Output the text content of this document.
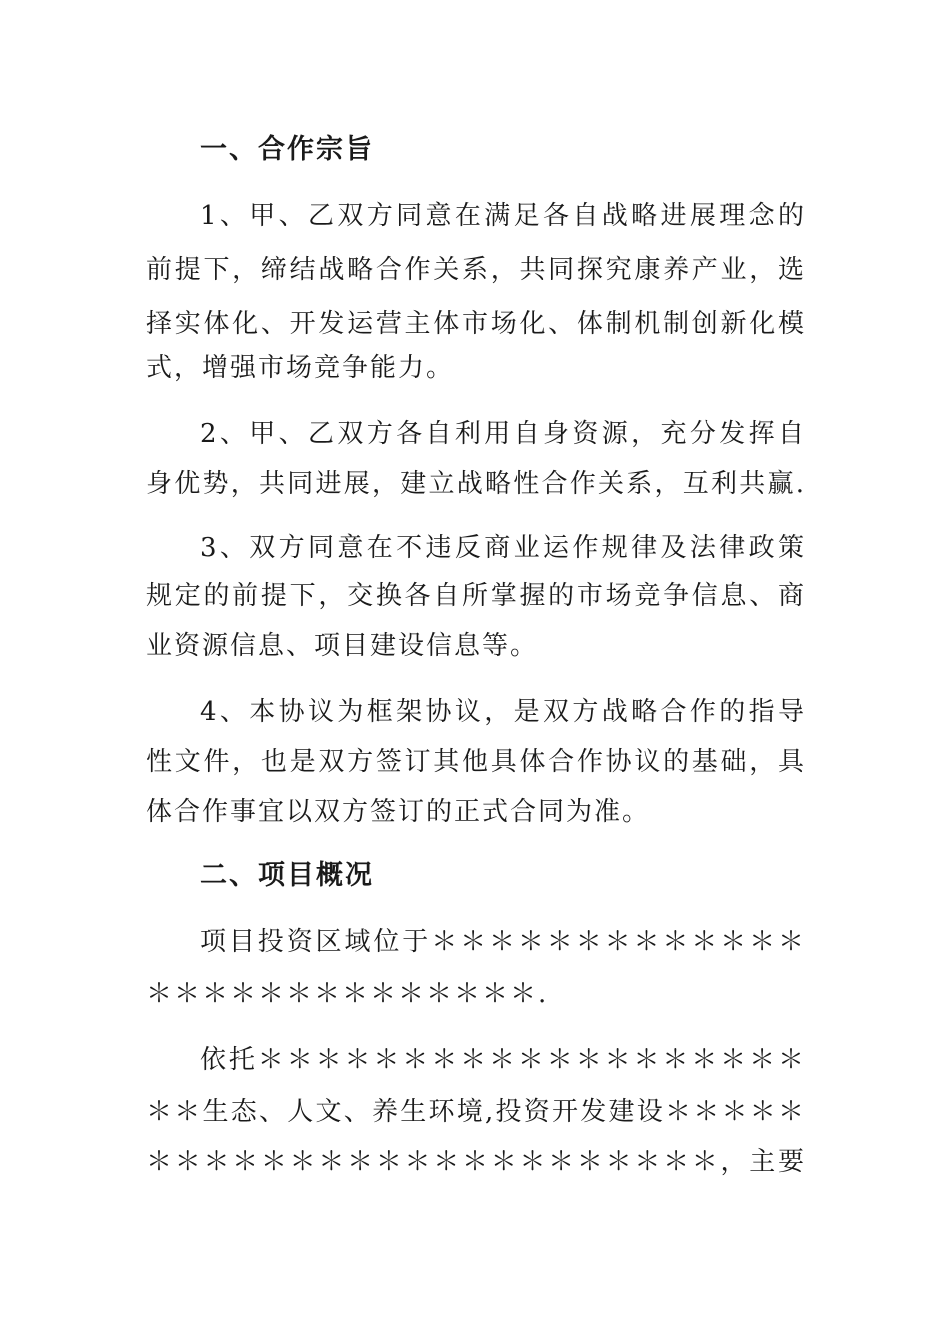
一、合作宗旨
1、甲、乙双方同意在满足各自战略进展理念的
前提下，缔结战略合作关系，共同探究康养产业，选
择实体化、开发运营主体市场化、体制机制创新化模
式，增强市场竞争能力。
2、甲、乙双方各自利用自身资源，充分发挥自
身优势，共同进展，建立战略性合作关系，互利共赢.
3、双方同意在不违反商业运作规律及法律政策
规定的前提下，交换各自所掌握的市场竞争信息、商
业资源信息、项目建设信息等。
4、本协议为框架协议，是双方战略合作的指导
性文件，也是双方签订其他具体合作协议的基础，具
体合作事宜以双方签订的正式合同为准。
二、项目概况
项目投资区域位于＊＊＊＊＊＊＊＊＊＊＊＊＊
＊＊＊＊＊＊＊＊＊＊＊＊＊＊.
依托＊＊＊＊＊＊＊＊＊＊＊＊＊＊＊＊＊＊＊
＊＊生态、人文、养生环境,投资开发建设＊＊＊＊＊
＊＊＊＊＊＊＊＊＊＊＊＊＊＊＊＊＊＊＊＊，主要
